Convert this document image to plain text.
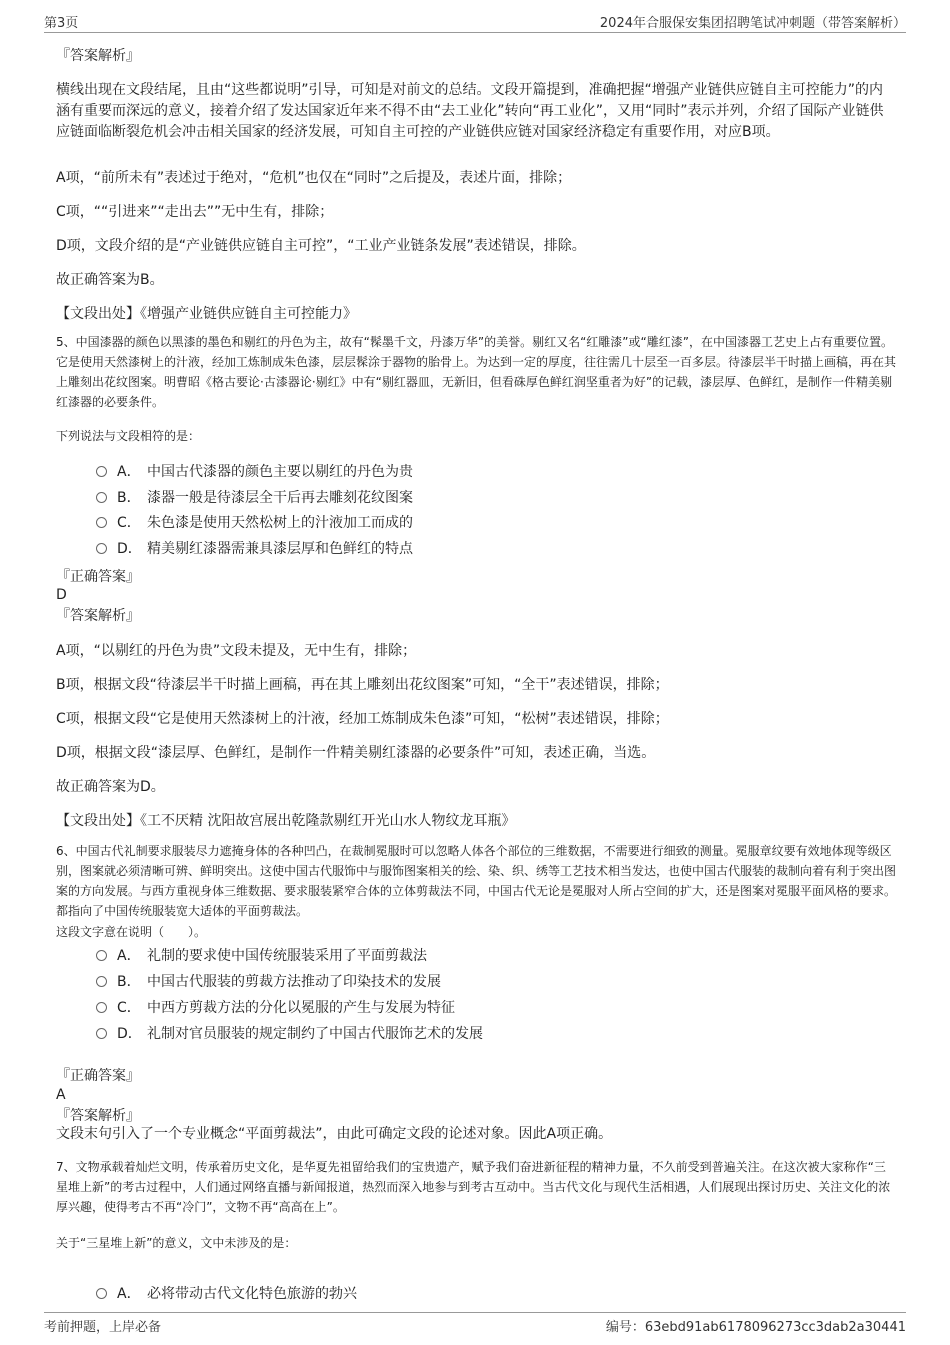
第3页	2024年合服保安集团招聘笔试冲刺题（带答案解析）
『答案解析』
横线出现在文段结尾，且由“这些都说明”引导，可知是对前文的总结。文段开篇提到，准确把握“增强产业链供应链自主可控能力”的内涵有重要而深远的意义，接着介绍了发达国家近年来不得不由“去工业化”转向“再工业化”，又用“同时”表示并列，介绍了国际产业链供应链面临断裂危机会冲击相关国家的经济发展，可知自主可控的产业链供应链对国家经济稳定有重要作用，对应B项。
A项，“前所未有”表述过于绝对，“危机”也仅在“同时”之后提及，表述片面，排除；
C项，““引进来”“走出去””无中生有，排除；
D项，文段介绍的是“产业链供应链自主可控”，“工业产业链条发展”表述错误，排除。
故正确答案为B。
【文段出处】《增强产业链供应链自主可控能力》
5、中国漆器的颜色以黑漆的墨色和剔红的丹色为主，故有“髹墨千文，丹漆万华”的美誉。剔红又名“红雕漆”或“雕红漆”，在中国漆器工艺史上占有重要位置。它是使用天然漆树上的汁液，经加工炼制成朱色漆，层层髹涂于器物的胎骨上。为达到一定的厚度，往往需几十层至一百多层。待漆层半干时描上画稿，再在其上雕刻出花纹图案。明曹昭《格古要论·古漆器论·剔红》中有“剔红器皿，无新旧，但看硃厚色鲜红润坚重者为好”的记载，漆层厚、色鲜红，是制作一件精美剔红漆器的必要条件。
下列说法与文段相符的是：
A． 中国古代漆器的颜色主要以剔红的丹色为贵
B． 漆器一般是待漆层全干后再去雕刻花纹图案
C． 朱色漆是使用天然松树上的汁液加工而成的
D． 精美剔红漆器需兼具漆层厚和色鲜红的特点
『正确答案』
D
『答案解析』
A项，“以剔红的丹色为贵”文段未提及，无中生有，排除；
B项，根据文段“待漆层半干时描上画稿，再在其上雕刻出花纹图案”可知，“全干”表述错误，排除；
C项，根据文段“它是使用天然漆树上的汁液，经加工炼制成朱色漆”可知，“松树”表述错误，排除；
D项，根据文段“漆层厚、色鲜红，是制作一件精美剔红漆器的必要条件”可知，表述正确，当选。
故正确答案为D。
【文段出处】《工不厌精 沈阳故宫展出乾隆款剔红开光山水人物纹龙耳瓶》
6、中国古代礼制要求服装尽力遮掩身体的各种凹凸，在裁制冕服时可以忽略人体各个部位的三维数据，不需要进行细致的测量。冕服章纹要有效地体现等级区别，图案就必须清晰可辨、鲜明突出。这使中国古代服饰中与服饰图案相关的绘、染、织、绣等工艺技术相当发达，也使中国古代服装的裁制向着有利于突出图案的方向发展。与西方重视身体三维数据、要求服装紧窄合体的立体剪裁法不同，中国古代无论是冕服对人所占空间的扩大，还是图案对冕服平面风格的要求。都指向了中国传统服装宽大适体的平面剪裁法。
这段文字意在说明（　　）。
A． 礼制的要求使中国传统服装采用了平面剪裁法
B． 中国古代服装的剪裁方法推动了印染技术的发展
C． 中西方剪裁方法的分化以冕服的产生与发展为特征
D． 礼制对官员服装的规定制约了中国古代服饰艺术的发展
『正确答案』
A
『答案解析』
文段末句引入了一个专业概念“平面剪裁法”，由此可确定文段的论述对象。因此A项正确。
7、文物承载着灿烂文明，传承着历史文化，是华夏先祖留给我们的宝贵遗产，赋予我们奋进新征程的精神力量，不久前受到普遍关注。在这次被大家称作“三星堆上新”的考古过程中，人们通过网络直播与新闻报道，热烈而深入地参与到考古互动中。当古代文化与现代生活相遇，人们展现出探讨历史、关注文化的浓厚兴趣，使得考古不再“冷门”，文物不再“高高在上”。
关于“三星堆上新”的意义，文中未涉及的是：
A． 必将带动古代文化特色旅游的勃兴
考前押题，上岸必备	编号：63ebd91ab6178096273cc3dab2a30441
